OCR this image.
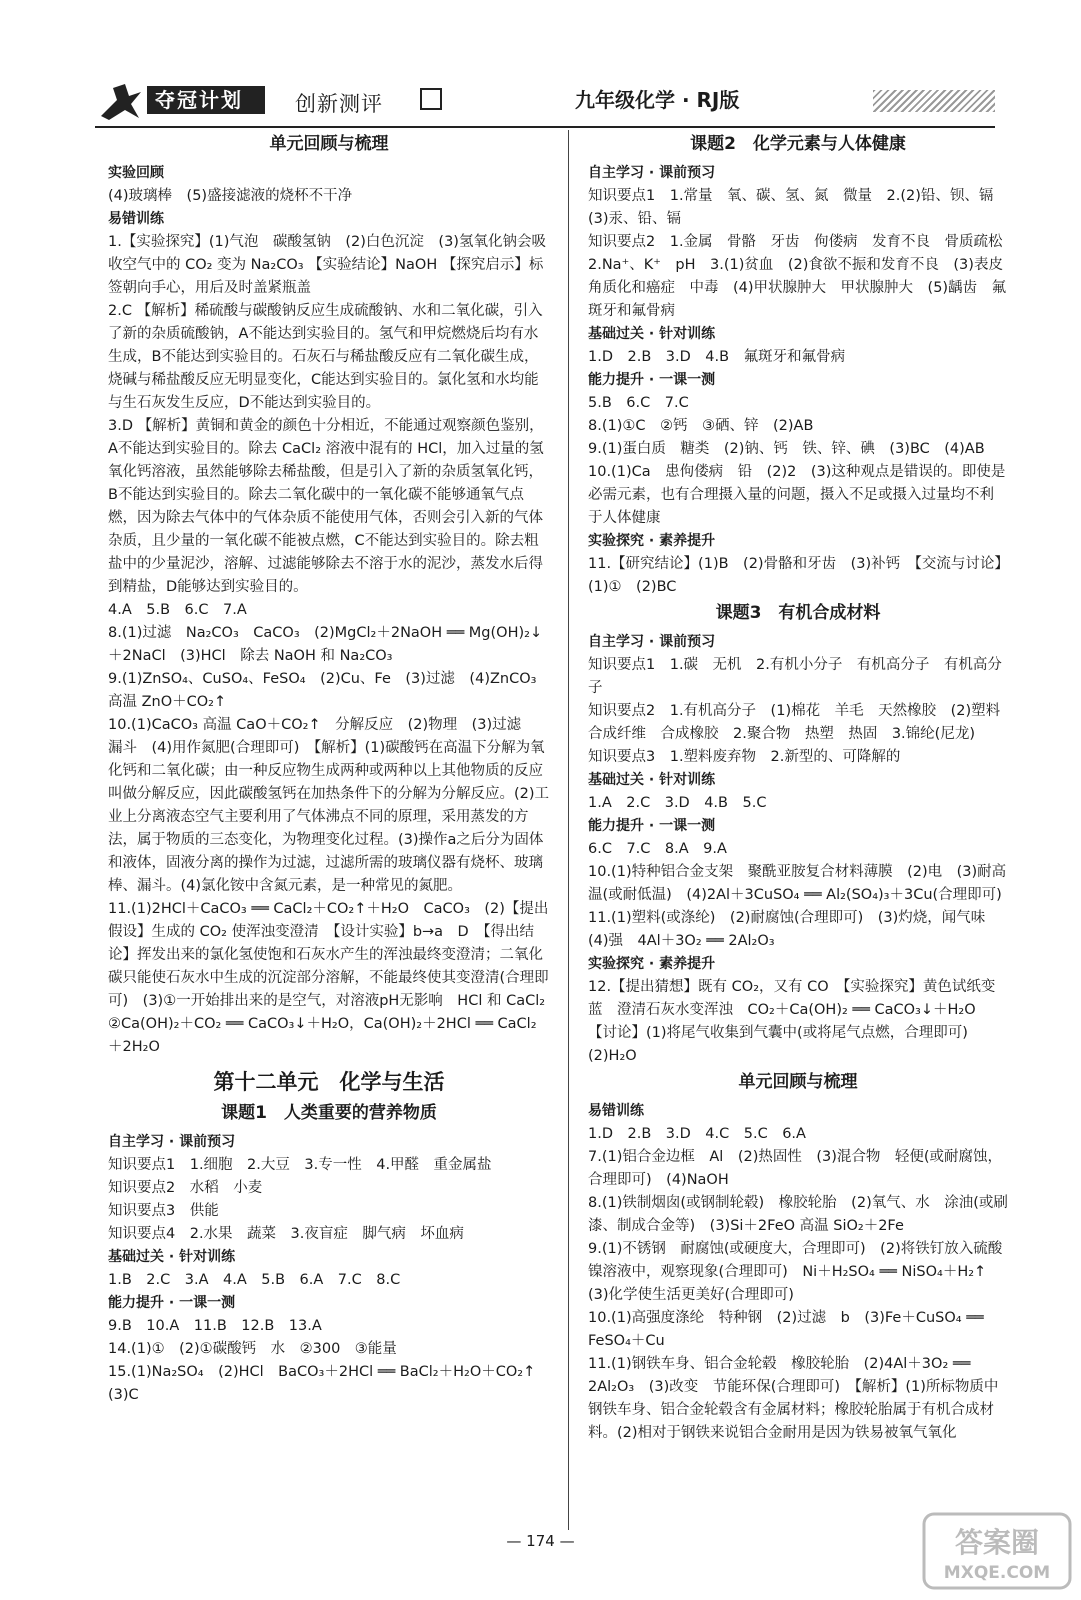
夺冠计划	创新测评	九年级化学 · RJ版
单元回顾与梳理
实验回顾
(4)玻璃棒　(5)盛接滤液的烧杯不干净
易错训练
1.【实验探究】(1)气泡　碳酸氢钠　(2)白色沉淀　(3)氢氧化钠会吸收空气中的 CO₂ 变为 Na₂CO₃ 【实验结论】NaOH 【探究启示】标签朝向手心，用后及时盖紧瓶盖
2.C 【解析】稀硫酸与碳酸钠反应生成硫酸钠、水和二氧化碳，引入了新的杂质硫酸钠，A不能达到实验目的。氢气和甲烷燃烧后均有水生成，B不能达到实验目的。石灰石与稀盐酸反应有二氧化碳生成，烧碱与稀盐酸反应无明显变化，C能达到实验目的。氯化氢和水均能与生石灰发生反应，D不能达到实验目的。
3.D 【解析】黄铜和黄金的颜色十分相近，不能通过观察颜色鉴别，A不能达到实验目的。除去 CaCl₂ 溶液中混有的 HCl，加入过量的氢氧化钙溶液，虽然能够除去稀盐酸，但是引入了新的杂质氢氧化钙，B不能达到实验目的。除去二氧化碳中的一氧化碳不能够通氧气点燃，因为除去气体中的气体杂质不能使用气体，否则会引入新的气体杂质，且少量的一氧化碳不能被点燃，C不能达到实验目的。除去粗盐中的少量泥沙，溶解、过滤能够除去不溶于水的泥沙，蒸发水后得到精盐，D能够达到实验目的。
4.A　5.B　6.C　7.A
8.(1)过滤　Na₂CO₃　CaCO₃　(2)MgCl₂＋2NaOH ══ Mg(OH)₂↓＋2NaCl　(3)HCl　除去 NaOH 和 Na₂CO₃
9.(1)ZnSO₄、CuSO₄、FeSO₄　(2)Cu、Fe　(3)过滤　(4)ZnCO₃ 高温 ZnO＋CO₂↑
10.(1)CaCO₃ 高温 CaO＋CO₂↑　分解反应　(2)物理　(3)过滤　漏斗　(4)用作氮肥(合理即可)　【解析】(1)碳酸钙在高温下分解为氧化钙和二氧化碳；由一种反应物生成两种或两种以上其他物质的反应叫做分解反应，因此碳酸氢钙在加热条件下的分解为分解反应。(2)工业上分离液态空气主要利用了气体沸点不同的原理，采用蒸发的方法，属于物质的三态变化，为物理变化过程。(3)操作a之后分为固体和液体，固液分离的操作为过滤，过滤所需的玻璃仪器有烧杯、玻璃棒、漏斗。(4)氯化铵中含氮元素，是一种常见的氮肥。
11.(1)2HCl＋CaCO₃ ══ CaCl₂＋CO₂↑＋H₂O　CaCO₃　(2)【提出假设】生成的 CO₂ 使浑浊变澄清　【设计实验】b→a　D　【得出结论】挥发出来的氯化氢使饱和石灰水产生的浑浊最终变澄清；二氧化碳只能使石灰水中生成的沉淀部分溶解，不能最终使其变澄清(合理即可)　(3)①一开始排出来的是空气，对溶液pH无影响　HCl 和 CaCl₂　②Ca(OH)₂＋CO₂ ══ CaCO₃↓＋H₂O，Ca(OH)₂＋2HCl ══ CaCl₂＋2H₂O
第十二单元　化学与生活
课题1　人类重要的营养物质
自主学习 · 课前预习
知识要点1　1.细胞　2.大豆　3.专一性　4.甲醛　重金属盐
知识要点2　水稻　小麦
知识要点3　供能
知识要点4　2.水果　蔬菜　3.夜盲症　脚气病　坏血病
基础过关 · 针对训练
1.B　2.C　3.A　4.A　5.B　6.A　7.C　8.C
能力提升 · 一课一测
9.B　10.A　11.B　12.B　13.A
14.(1)①　(2)①碳酸钙　水　②300　③能量
15.(1)Na₂SO₄　(2)HCl　BaCO₃＋2HCl ══ BaCl₂＋H₂O＋CO₂↑　(3)C
课题2　化学元素与人体健康
自主学习 · 课前预习
知识要点1　1.常量　氧、碳、氢、氮　微量　2.(2)铅、钡、镉　(3)汞、铅、镉
知识要点2　1.金属　骨骼　牙齿　佝偻病　发育不良　骨质疏松　2.Na⁺、K⁺　pH　3.(1)贫血　(2)食欲不振和发育不良　(3)表皮角质化和癌症　中毒　(4)甲状腺肿大　甲状腺肿大　(5)龋齿　氟斑牙和氟骨病
基础过关 · 针对训练
1.D　2.B　3.D　4.B　氟斑牙和氟骨病
能力提升 · 一课一测
5.B　6.C　7.C
8.(1)①C　②钙　③硒、锌　(2)AB
9.(1)蛋白质　糖类　(2)钠、钙　铁、锌、碘　(3)BC　(4)AB
10.(1)Ca　患佝偻病　铅　(2)2　(3)这种观点是错误的。即使是必需元素，也有合理摄入量的问题，摄入不足或摄入过量均不利于人体健康
实验探究 · 素养提升
11.【研究结论】(1)B　(2)骨骼和牙齿　(3)补钙　【交流与讨论】(1)①　(2)BC
课题3　有机合成材料
自主学习 · 课前预习
知识要点1　1.碳　无机　2.有机小分子　有机高分子　有机高分子
知识要点2　1.有机高分子　(1)棉花　羊毛　天然橡胶　(2)塑料　合成纤维　合成橡胶　2.聚合物　热塑　热固　3.锦纶(尼龙)
知识要点3　1.塑料废弃物　2.新型的、可降解的
基础过关 · 针对训练
1.A　2.C　3.D　4.B　5.C
能力提升 · 一课一测
6.C　7.C　8.A　9.A
10.(1)特种铝合金支架　聚酰亚胺复合材料薄膜　(2)电　(3)耐高温(或耐低温)　(4)2Al＋3CuSO₄ ══ Al₂(SO₄)₃＋3Cu(合理即可)
11.(1)塑料(或涤纶)　(2)耐腐蚀(合理即可)　(3)灼烧，闻气味　(4)强　4Al＋3O₂ ══ 2Al₂O₃
实验探究 · 素养提升
12.【提出猜想】既有 CO₂，又有 CO　【实验探究】黄色试纸变蓝　澄清石灰水变浑浊　CO₂＋Ca(OH)₂ ══ CaCO₃↓＋H₂O　【讨论】(1)将尾气收集到气囊中(或将尾气点燃，合理即可)　(2)H₂O
单元回顾与梳理
易错训练
1.D　2.B　3.D　4.C　5.C　6.A
7.(1)铝合金边框　Al　(2)热固性　(3)混合物　轻便(或耐腐蚀，合理即可)　(4)NaOH
8.(1)铁制烟囱(或钢制轮毂)　橡胶轮胎　(2)氧气、水　涂油(或刷漆、制成合金等)　(3)Si＋2FeO 高温 SiO₂＋2Fe
9.(1)不锈钢　耐腐蚀(或硬度大，合理即可)　(2)将铁钉放入硫酸镍溶液中，观察现象(合理即可)　Ni＋H₂SO₄ ══ NiSO₄＋H₂↑　(3)化学使生活更美好(合理即可)
10.(1)高强度涤纶　特种钢　(2)过滤　b　(3)Fe＋CuSO₄ ══ FeSO₄＋Cu
11.(1)钢铁车身、铝合金轮毂　橡胶轮胎　(2)4Al＋3O₂ ══ 2Al₂O₃　(3)改变　节能环保(合理即可)　【解析】(1)所标物质中钢铁车身、铝合金轮毂含有金属材料；橡胶轮胎属于有机合成材料。(2)相对于钢铁来说铝合金耐用是因为铁易被氧气氧化
— 174 —	答案圈
MXQE.COM
